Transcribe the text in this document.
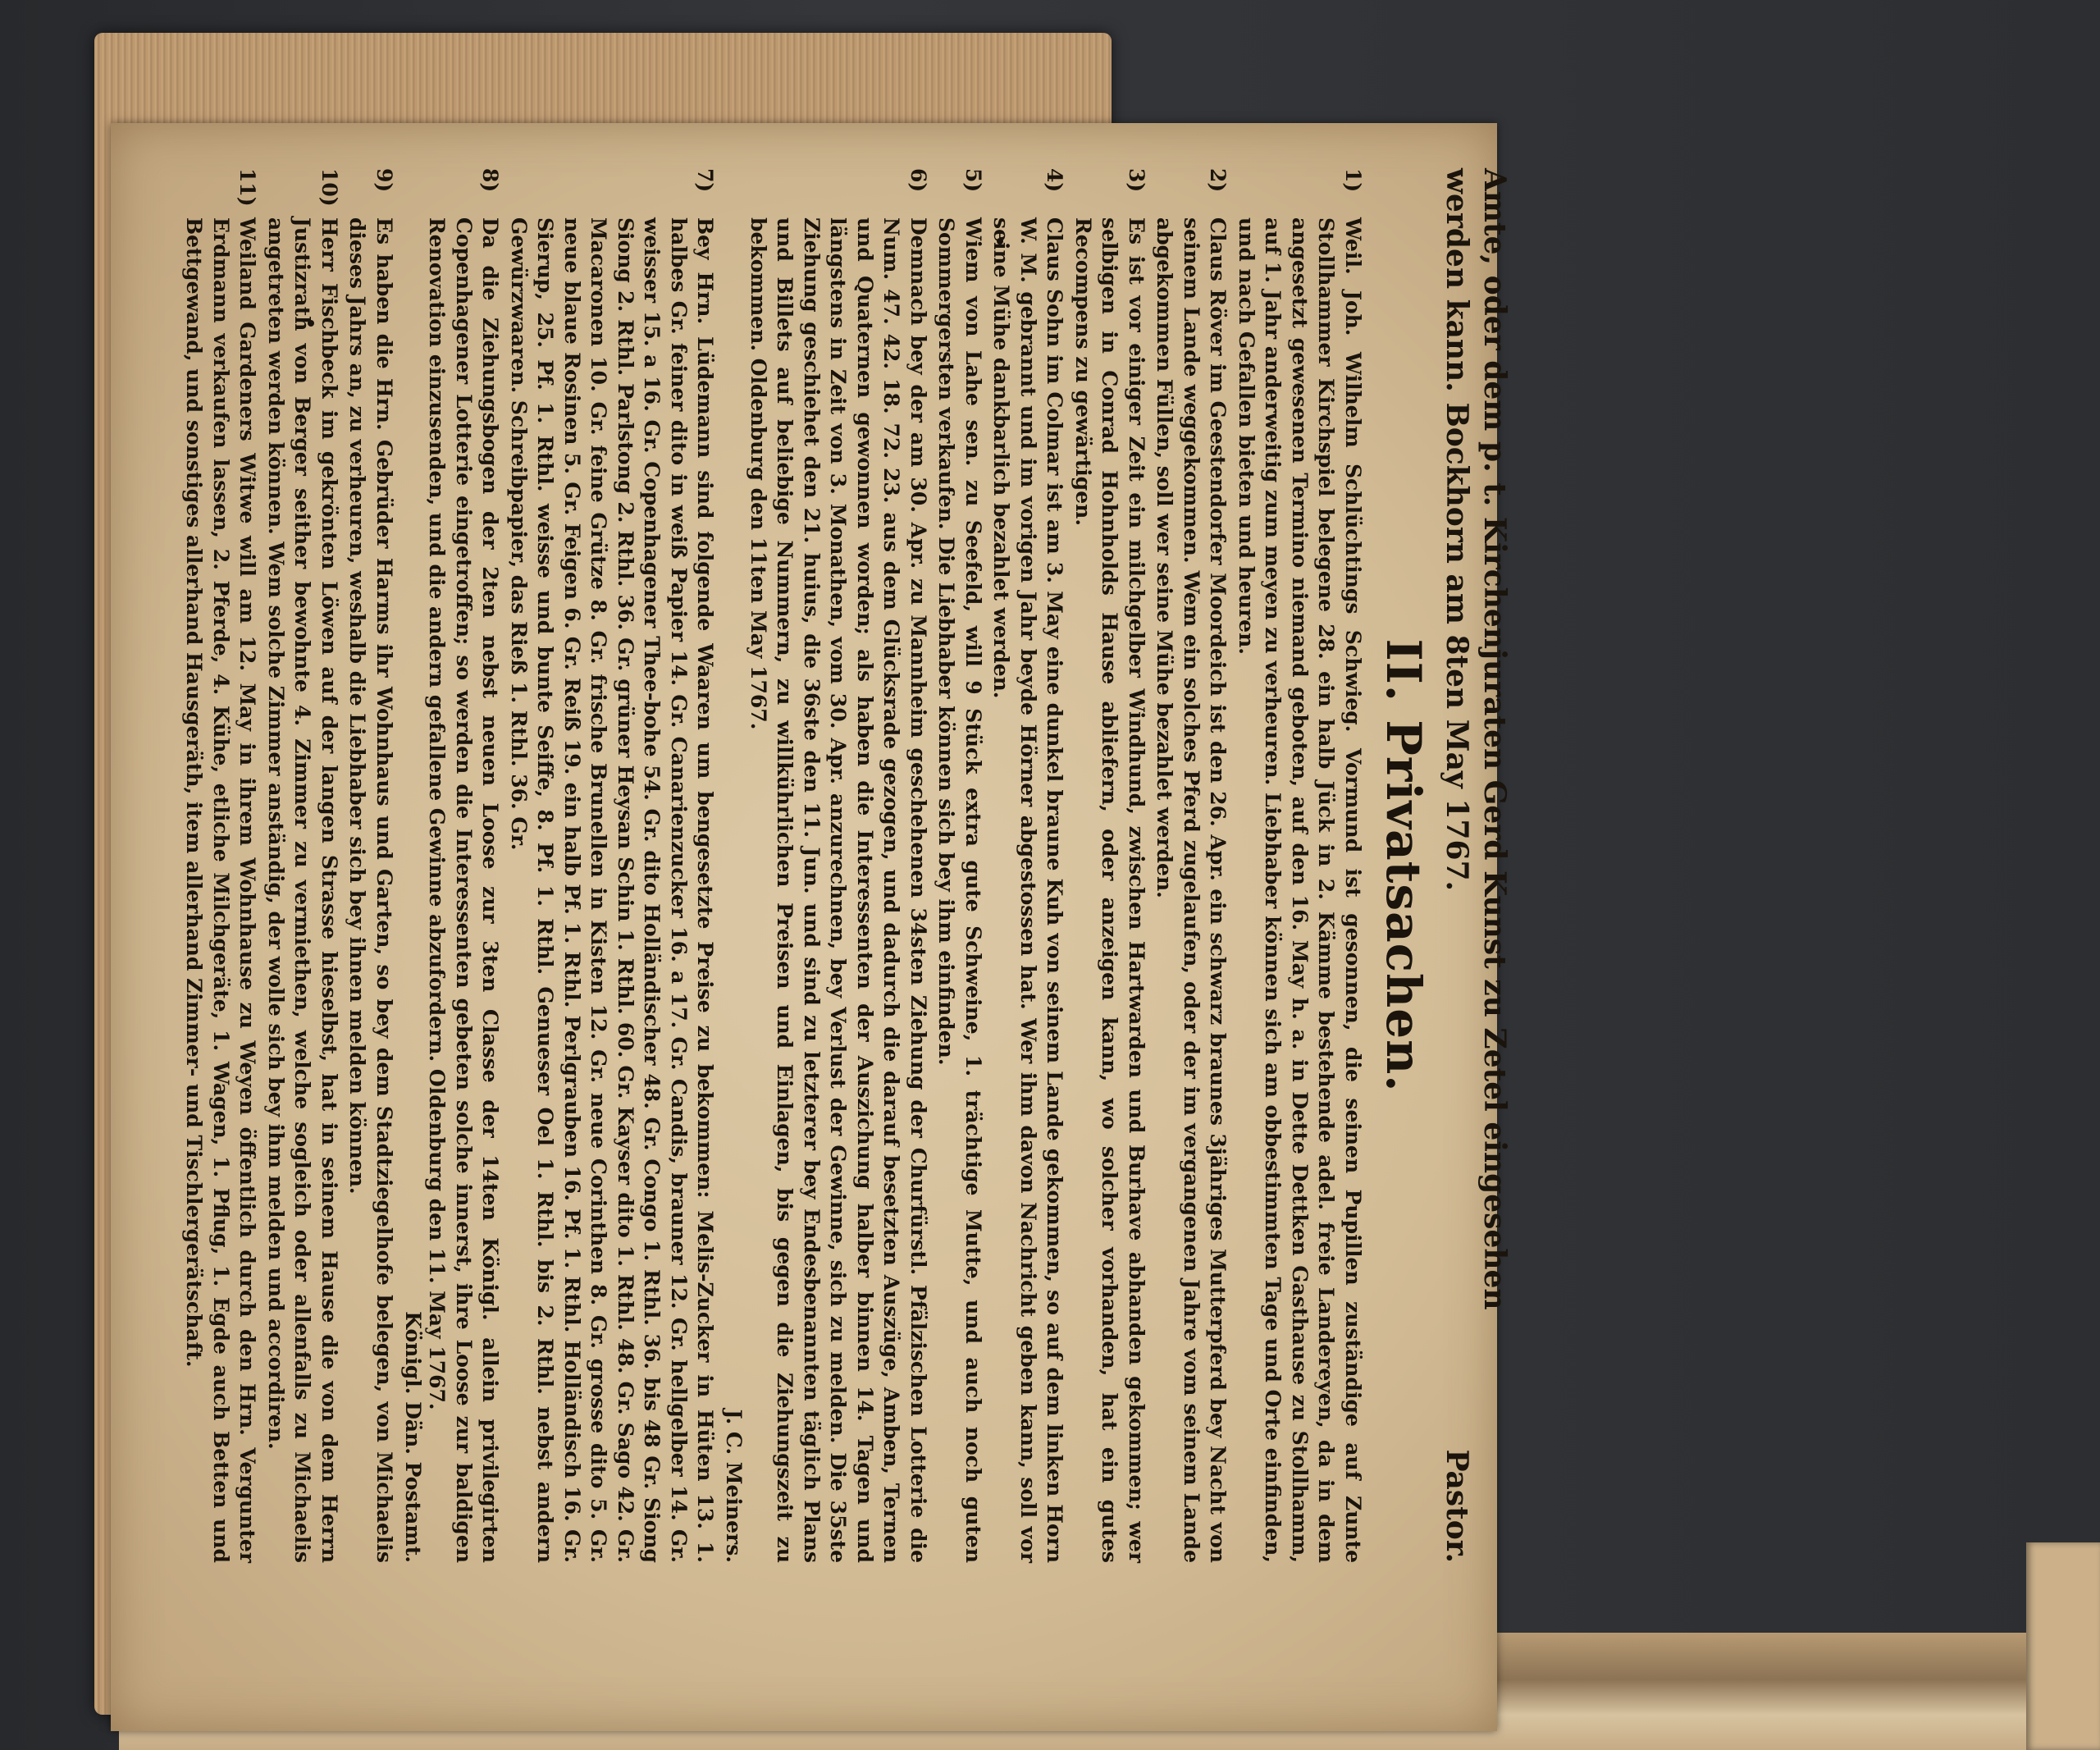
Amte, oder dem p. t. Kirchenjuraten Gerd Kunst zu Zetel eingesehen
Pastor.
werden kann. Bockhorn am 8ten May 1767.
II. Privatsachen.
1)Weil. Joh. Wilhelm Schlüchtings Schwieg. Vormund ist gesonnen, die seinen Pupillen zuständige auf Zunte Stollhammer Kirchspiel belegene 28. ein halb Jück in 2. Kämme bestehende adel. freie Landereyen, da in dem angesetzt gewesenen Termino niemand geboten, auf den 16. May h. a. in Dette Dettken Gasthause zu Stollhamm, auf 1. Jahr anderweitig zum meyen zu verheuren. Liebhaber können sich am obbestimmten Tage und Orte einfinden, und nach Gefallen bieten und heuren.
2)Claus Röver im Geestendorfer Moordeich ist den 26. Apr. ein schwarz braunes 3jähriges Mutterpferd bey Nacht von seinem Lande weggekommen. Wem ein solches Pferd zugelaufen, oder der im vergangenen Jahre vom seinem Lande abgekommen Füllen, soll wer seine Mühe bezahlet werden.
3)Es ist vor einiger Zeit ein milchgelber Windhund, zwischen Hartwarden und Burhave abhanden gekommen; wer selbigen in Conrad Hohnholds Hause abliefern, oder anzeigen kann, wo solcher vorhanden, hat ein gutes Recompens zu gewärtigen.
4)Claus Sohn im Colmar ist am 3. May eine dunkel braune Kuh von seinem Lande gekommen, so auf dem linken Horn W. M. gebrannt und im vorigen Jahr beyde Hörner abgestossen hat. Wer ihm davon Nachricht geben kann, soll vor seine Mühe dankbarlich bezahlet werden.
5)Wiem von Lahe sen. zu Seefeld, will 9 Stück extra gute Schweine, 1. trächtige Mutte, und auch noch guten Sommergersten verkaufen. Die Liebhaber können sich bey ihm einfinden.
6)Demnach bey der am 30. Apr. zu Mannheim geschehenen 34sten Ziehung der Churfürstl. Pfälzischen Lotterie die Num. 47. 42. 18. 72. 23. aus dem Glücksrade gezogen, und dadurch die darauf besetzten Auszüge, Amben, Ternen und Quaternen gewonnen worden; als haben die Interessenten der Auszichung halber binnen 14. Tagen und längstens in Zeit von 3. Monathen, vom 30. Apr. anzurechnen, bey Verlust der Gewinne, sich zu melden. Die 35ste Ziehung geschiehet den 21. huius, die 36ste den 11. Jun. und sind zu letzterer bey Endesbenannten täglich Plans und Billets auf beliebige Nummern, zu willkührlichen Preisen und Einlagen, bis gegen die Ziehungszeit zu bekommen. Oldenburg den 11ten May 1767.
J. C. Meiners.
7)Bey Hrn. Lüdemann sind folgende Waaren um bengesetzte Preise zu bekommen: Melis-Zucker in Hüten 13. 1. halbes Gr. feiner dito in weiß Papier 14. Gr. Canarienzucker 16. a 17. Gr. Candis, brauner 12. Gr. hellgelber 14. Gr. weisser 15. a 16. Gr. Copenhagener Thee-bohe 54. Gr. dito Holländischer 48. Gr. Congo 1. Rthl. 36. bis 48 Gr. Siong Siong 2. Rthl. Parlstong 2. Rthl. 36. Gr. grüner Heysan Schin 1. Rthl. 60. Gr. Kayser dito 1. Rthl. 48. Gr. Sago 42. Gr. Macaronen 10. Gr. feine Grütze 8. Gr. frische Brunellen in Kisten 12. Gr. neue Corinthen 8. Gr. grosse dito 5. Gr. neue blaue Rosinen 5. Gr. Feigen 6. Gr. Reiß 19. ein halb Pf. 1. Rthl. Perlgrauben 16. Pf. 1. Rthl. Holländisch 16. Gr. Sierup, 25. Pf. 1. Rthl. weisse und bunte Seiffe, 8. Pf. 1. Rthl. Genueser Oel 1. Rthl. bis 2. Rthl. nebst andern Gewürzwaaren. Schreibpapier, das Rieß 1. Rthl. 36. Gr.
8)Da die Ziehungsbogen der 2ten nebst neuen Loose zur 3ten Classe der 14ten Königl. allein privilegirten Copenhagener Lotterie eingetroffen; so werden die Interessenten gebeten solche innerst, ihre Loose zur baldigen Renovation einzusenden, und die andern gefallene Gewinne abzufordern. Oldenburg den 11. May 1767.
Königl. Dän. Postamt.
9)Es haben die Hrn. Gebrüder Harms ihr Wohnhaus und Garten, so bey dem Stadtziegelhofe belegen, von Michaelis dieses Jahrs an, zu verheuren, weshalb die Liebhaber sich bey ihnen melden können.
10)Herr Fischbeck im gekrönten Löwen auf der langen Strasse hieselbst, hat in seinem Hause die von dem Herrn Justizrath von Berger seither bewohnte 4. Zimmer zu vermiethen, welche sogleich oder allenfalls zu Michaelis angetreten werden können. Wem solche Zimmer anständig, der wolle sich bey ihm melden und accordiren.
11)Weiland Gardeners Witwe will am 12. May in ihrem Wohnhause zu Weyen öffentlich durch den Hrn. Vergunter Erdmann verkaufen lassen, 2. Pferde, 4. Kühe, etliche Milchgeräte, 1. Wagen, 1. Pflug, 1. Egde auch Betten und Bettgewand, und sonstiges allerhand Hausgeräth, item allerhand Zimmer- und Tischlergerätschaft.
